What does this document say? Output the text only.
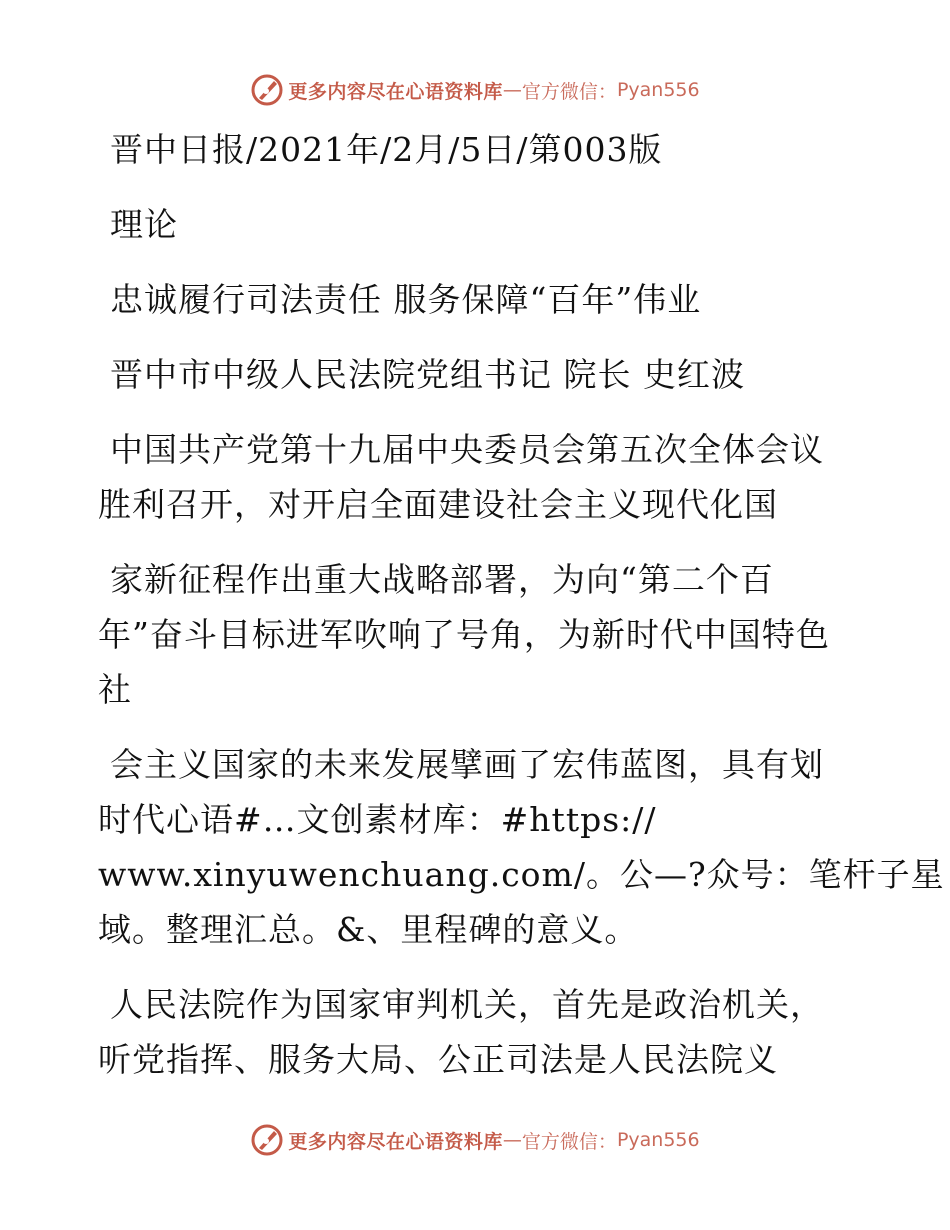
更多内容尽在心语资料库 — 官方微信： Pyan556

晋中日报/2021年/2月/5日/第003版

理论

忠诚履行司法责任 服务保障“百年”伟业

晋中市中级人民法院党组书记 院长 史红波

中国共产党第十九届中央委员会第五次全体会议

胜利召开，对开启全面建设社会主义现代化国

家新征程作出重大战略部署，为向“第二个百

年”奋斗目标进军吹响了号角，为新时代中国特色

社

会主义国家的未来发展擘画了宏伟蓝图，具有划

时代心语#…文创素材库：#https://

www.xinyuwenchuang.com/。公—?众号：笔杆子星

域。整理汇总。&、里程碑的意义。

人民法院作为国家审判机关，首先是政治机关，

听党指挥、服务大局、公正司法是人民法院义

更多内容尽在心语资料库 — 官方微信： Pyan556
